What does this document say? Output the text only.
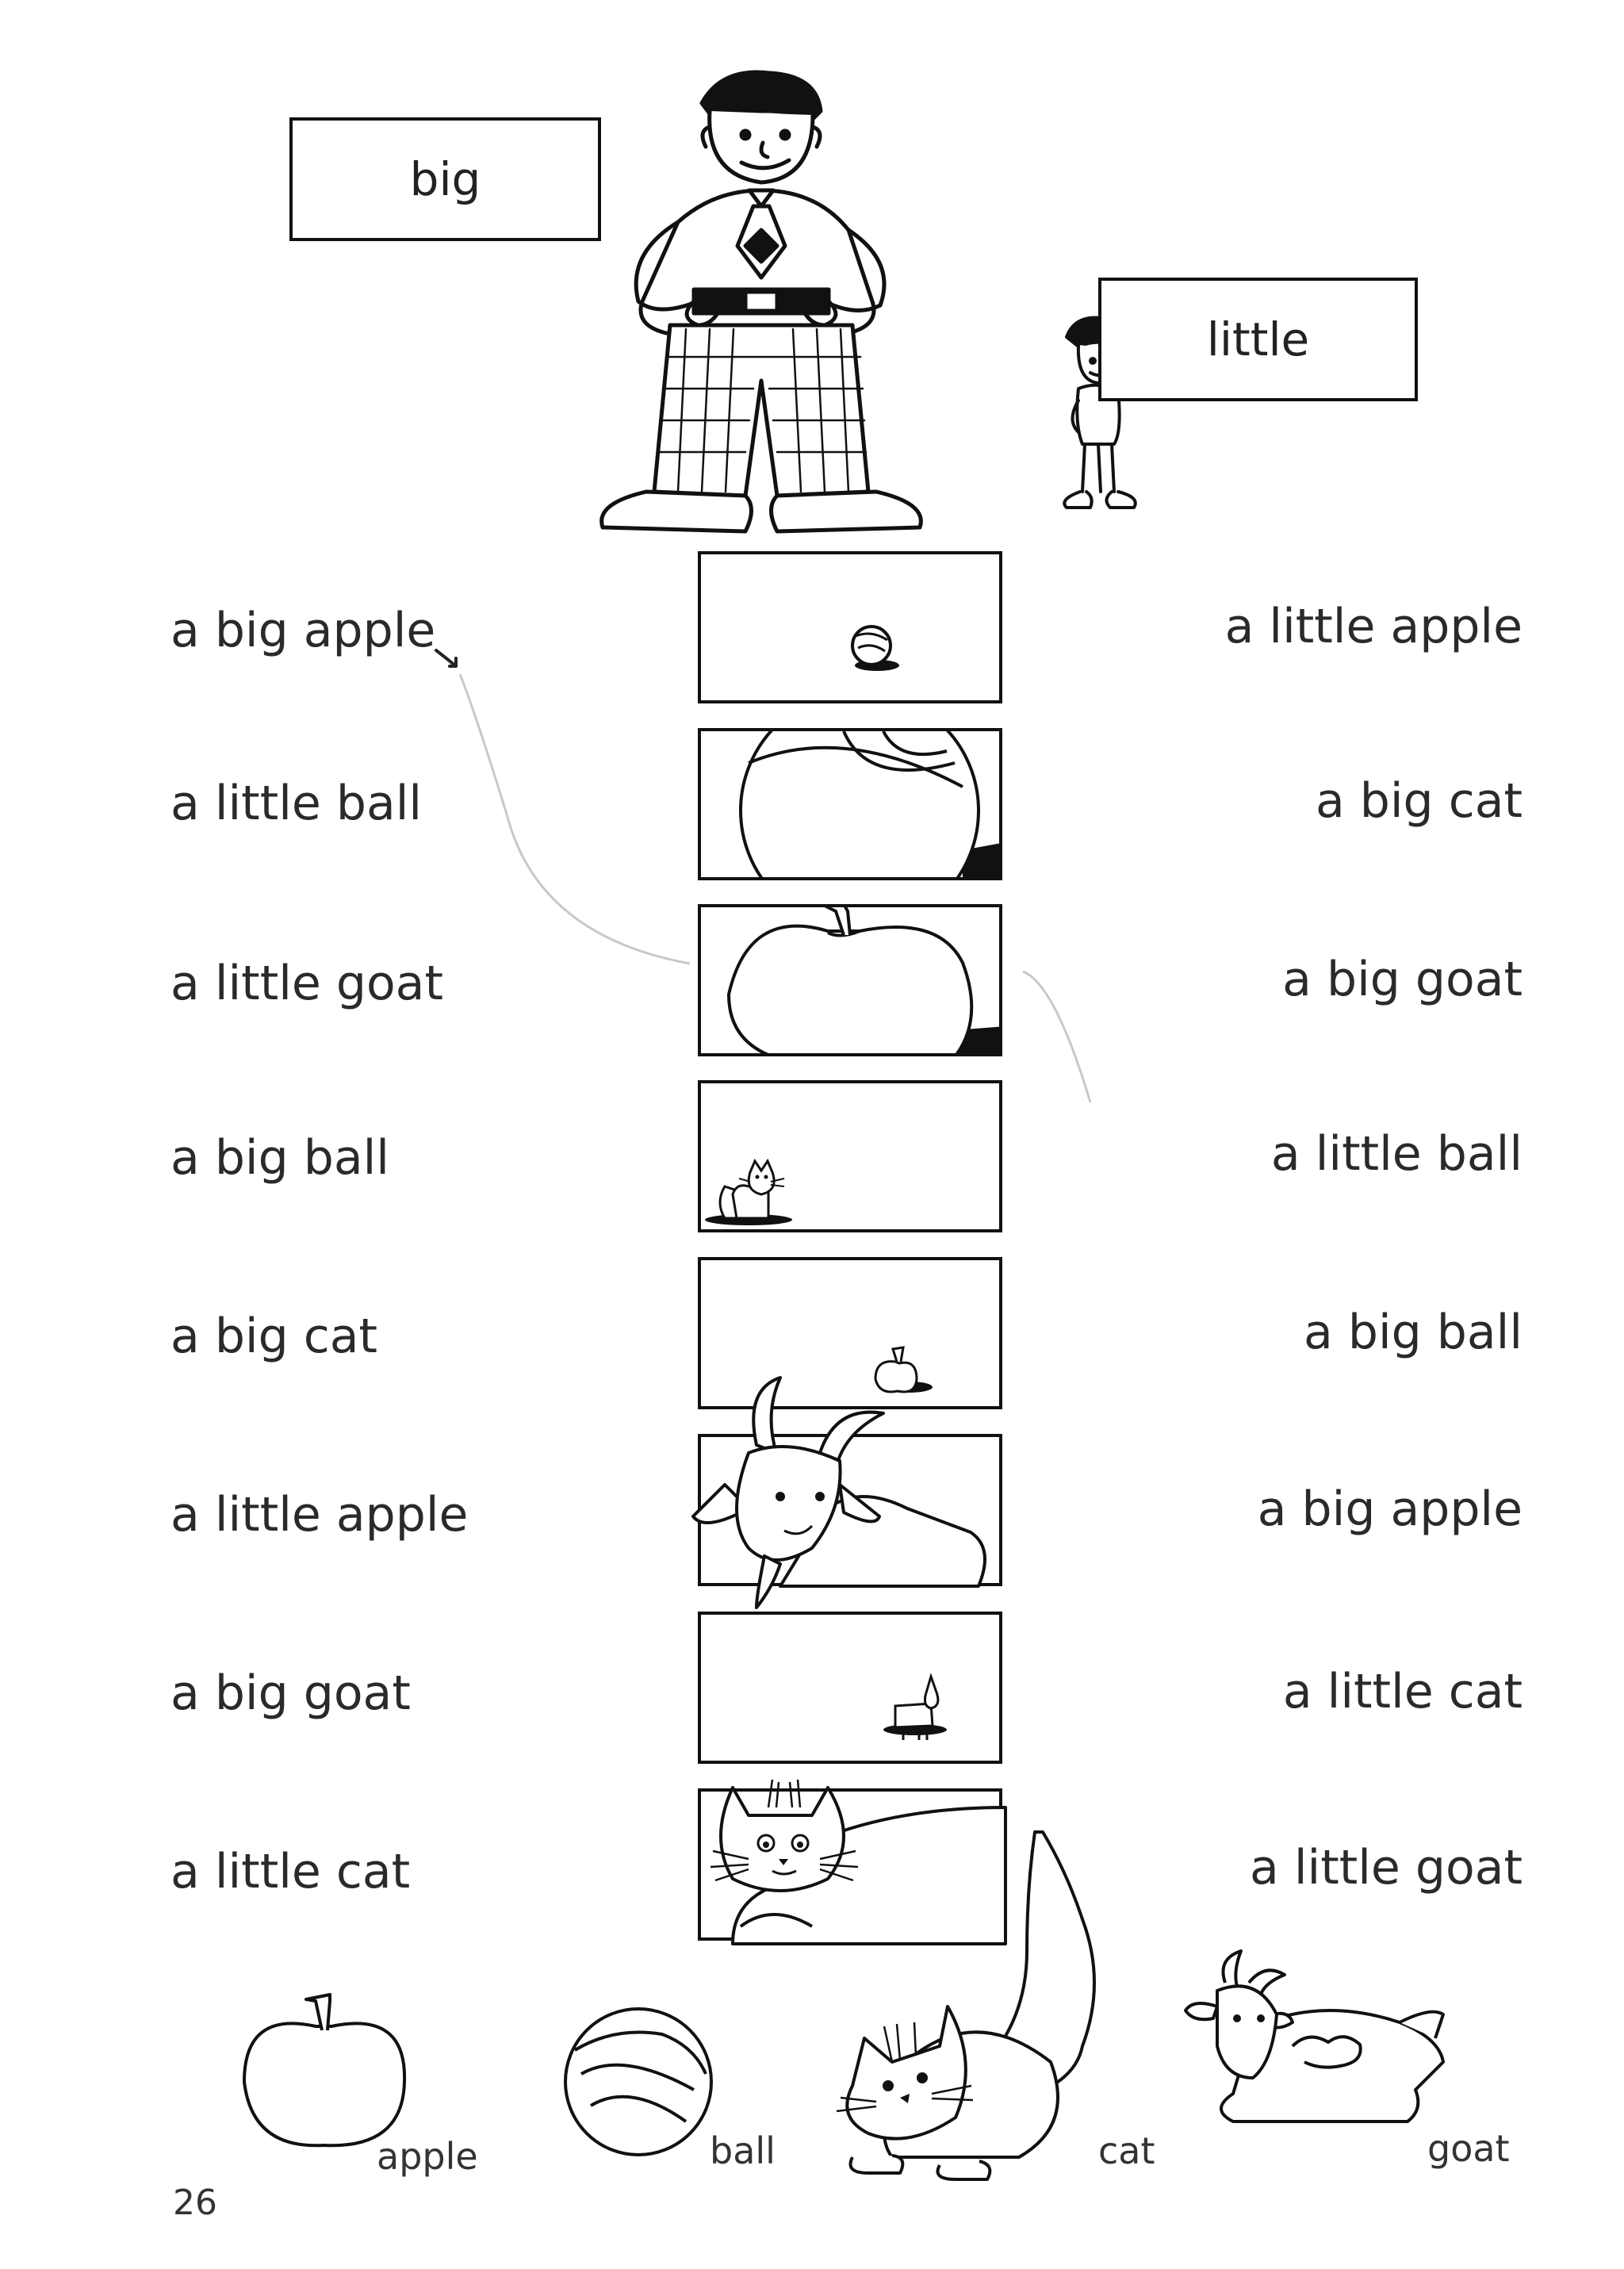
big
little
a big apple
a little ball
a little goat
a big ball
a big cat
a little apple
a big goat
a little cat
a little apple
a big cat
a big goat
a little ball
a big ball
a big apple
a little cat
a little goat
apple	ball	cat	goat
26
